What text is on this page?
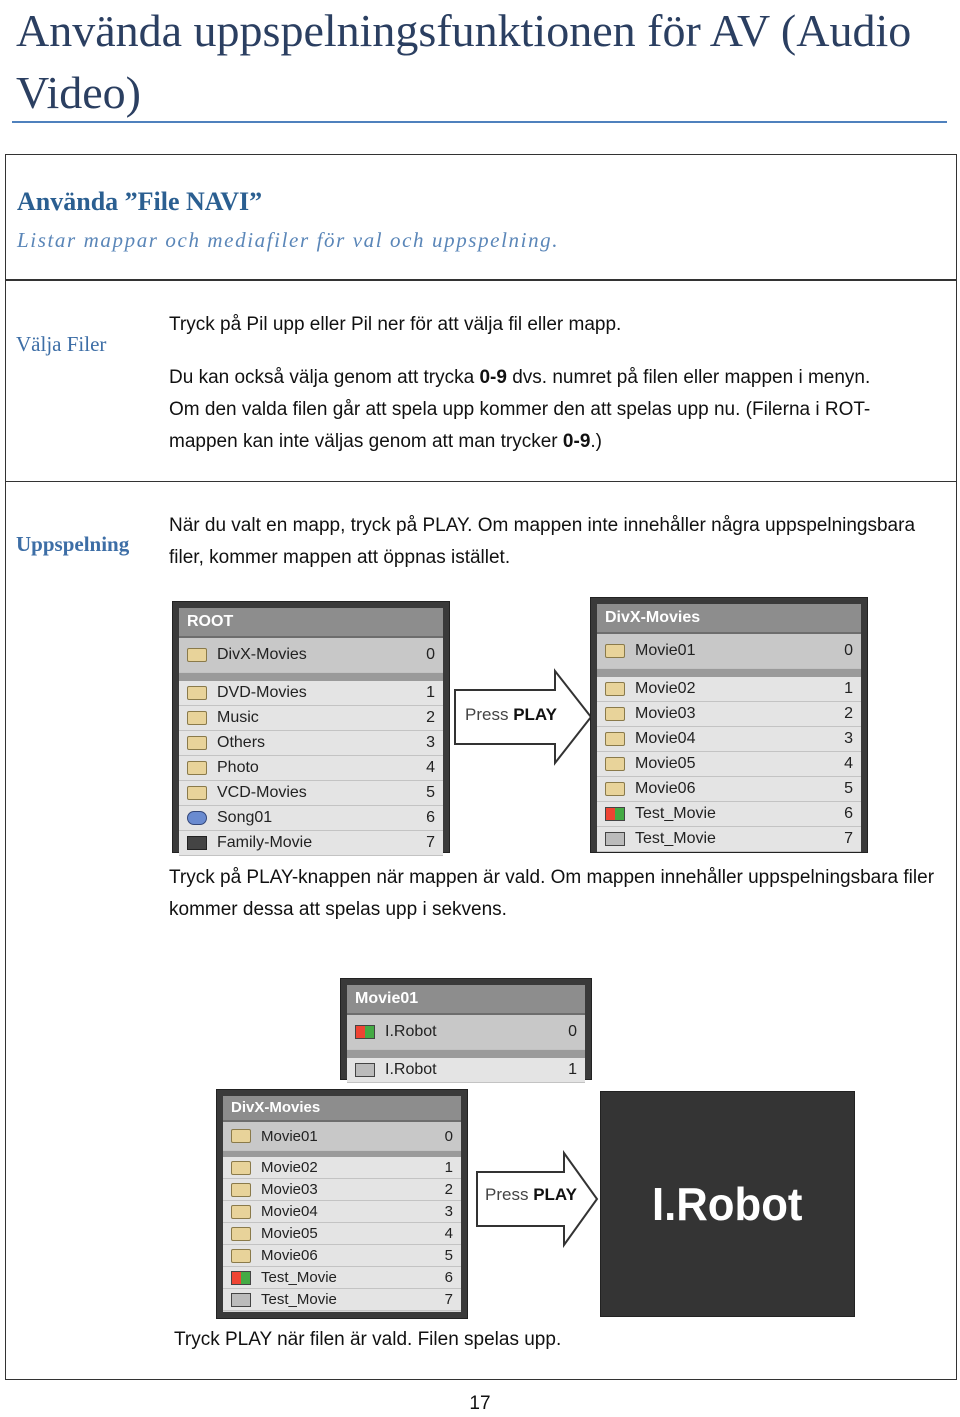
Använda uppspelningsfunktionen för AV (Audio Video)
Använda ”File NAVI”
Listar mappar och mediafiler för val och uppspelning.
Välja Filer
Tryck på Pil upp eller Pil ner för att välja fil eller mapp.
Du kan också välja genom att trycka 0-9 dvs. numret på filen eller mappen i menyn.
Om den valda filen går att spela upp kommer den att spelas upp nu. (Filerna i ROT-
mappen kan inte väljas genom att man trycker 0-9.)
Uppspelning
När du valt en mapp, tryck på PLAY. Om mappen inte innehåller några uppspelningsbara filer, kommer mappen att öppnas istället.
ROOT
DivX-Movies	0
DVD-Movies	1
Music	2
Others	3
Photo	4
VCD-Movies	5
Song01	6
Family-Movie	7
Press PLAY
DivX-Movies
Movie01	0
Movie02	1
Movie03	2
Movie04	3
Movie05	4
Movie06	5
Test_Movie	6
Test_Movie	7
Tryck på PLAY-knappen när mappen är vald. Om mappen innehåller uppspelningsbara filer kommer dessa att spelas upp i sekvens.
Movie01
I.Robot	0
I.Robot	1
DivX-Movies
Movie01	0
Movie02	1
Movie03	2
Movie04	3
Movie05	4
Movie06	5
Test_Movie	6
Test_Movie	7
Press PLAY I.Robot
Tryck PLAY när filen är vald. Filen spelas upp.
17
